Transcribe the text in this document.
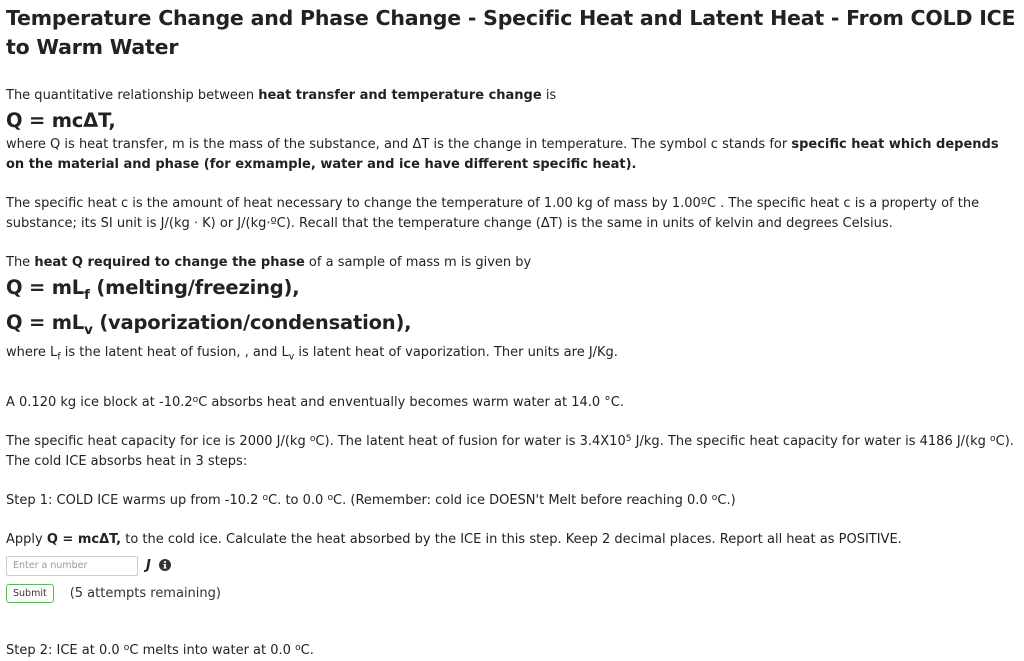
Temperature Change and Phase Change - Specific Heat and Latent Heat - From COLD ICE to Warm Water

The quantitative relationship between heat transfer and temperature change is

Q = mcΔT,

where Q is heat transfer, m is the mass of the substance, and ΔT is the change in temperature. The symbol c stands for specific heat which depends on the material and phase (for exmample, water and ice have different specific heat).

The specific heat c is the amount of heat necessary to change the temperature of 1.00 kg of mass by 1.00ºC . The specific heat c is a property of the substance; its SI unit is J/(kg ⋅ K) or J/(kg⋅ºC). Recall that the temperature change (ΔT) is the same in units of kelvin and degrees Celsius.

The heat Q required to change the phase of a sample of mass m is given by

$Q = mL_f$ (melting/freezing),

$Q = mL_v$ (vaporization/condensation),

where $L_f$ is the latent heat of fusion, , and $L_v$ is latent heat of vaporization. Ther units are J/Kg.

A 0.120 kg ice block at -10.2$^o$C absorbs heat and enventually becomes warm water at 14.0 °C.

The specific heat capacity for ice is 2000 J/(kg $^o$C). The latent heat of fusion for water is $3.4X10^5$ J/kg. The specific heat capacity for water is 4186 J/(kg $^o$C).
The cold ICE absorbs heat in 3 steps:

Step 1: COLD ICE warms up from -10.2 $^o$C. to 0.0 $^o$C. (Remember: cold ice DOESN't Melt before reaching 0.0 $^o$C.)

Apply Q = mcΔT, to the cold ice. Calculate the heat absorbed by the ICE in this step. Keep 2 decimal places. Report all heat as POSITIVE.

Enter a number
J
Submit	(5 attempts remaining)

Step 2: ICE at 0.0 $^o$C melts into water at 0.0 $^o$C.
